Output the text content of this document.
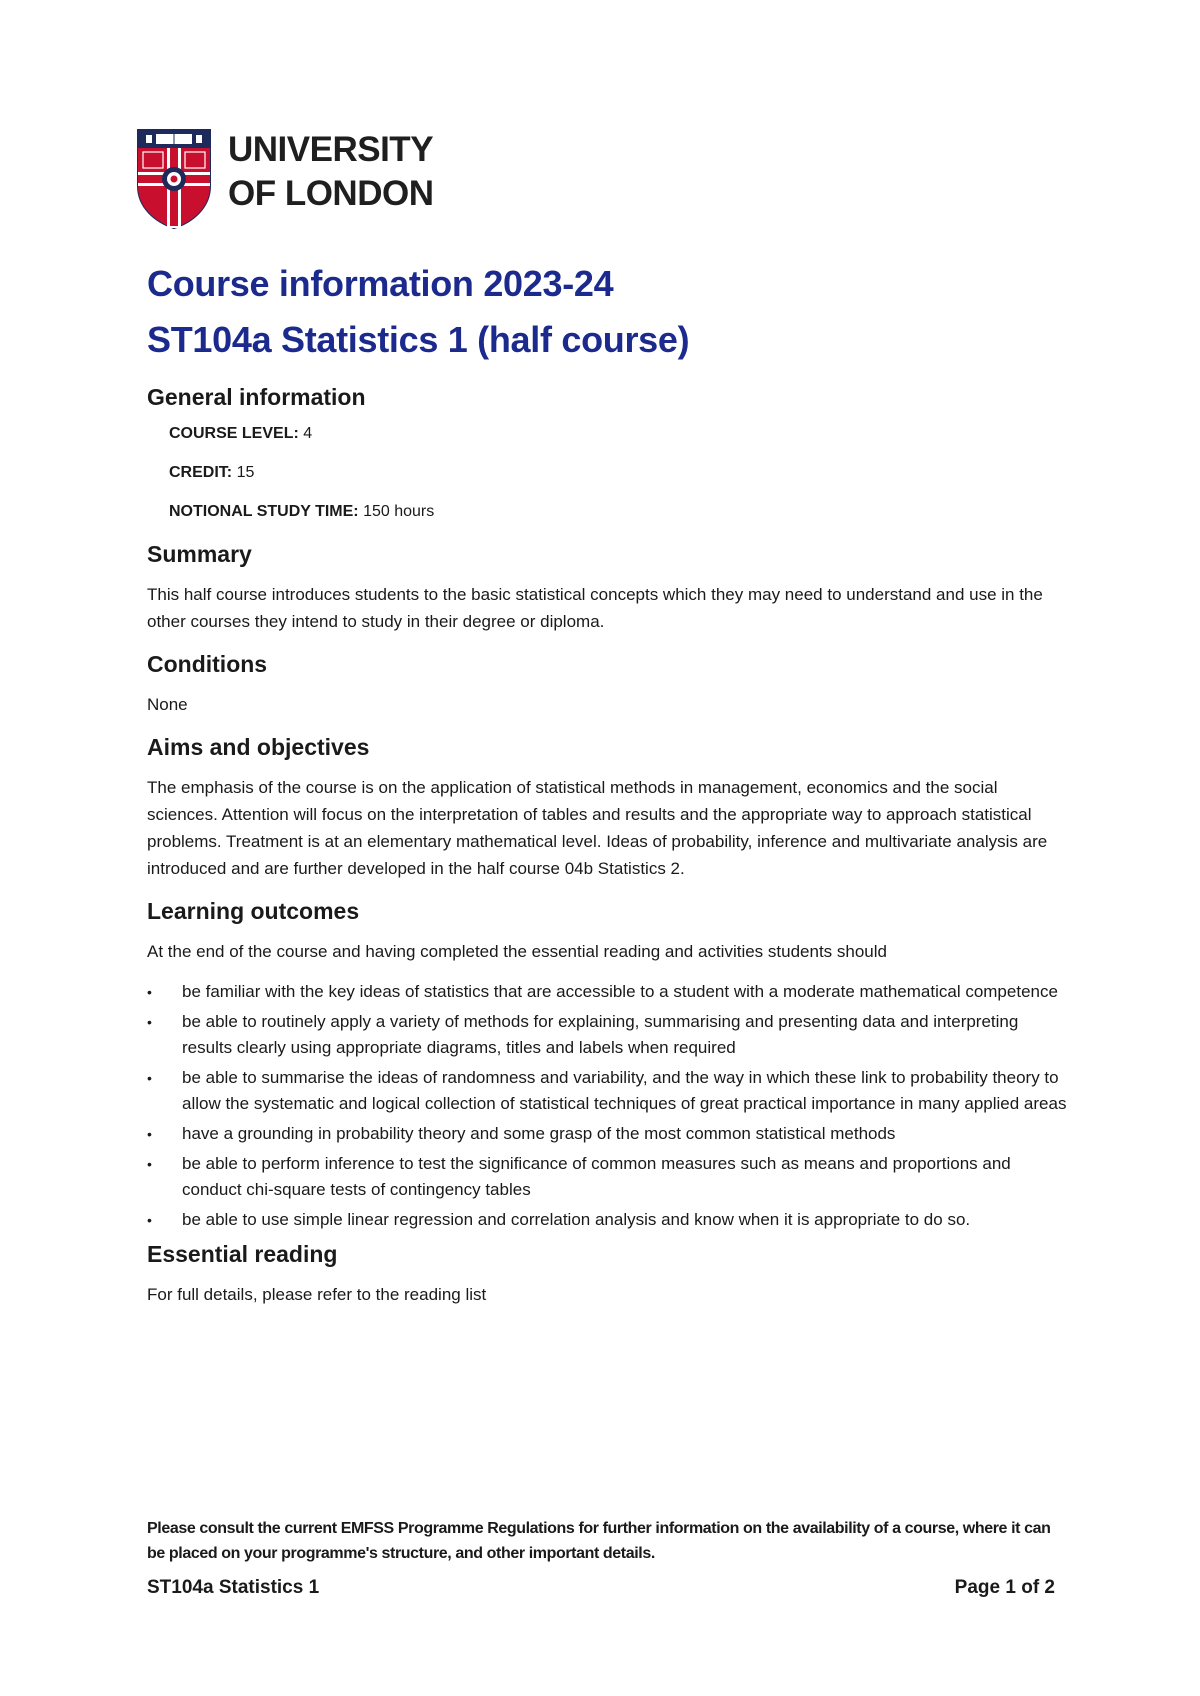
UNIVERSITY
OF LONDON
Course information 2023-24
ST104a Statistics 1 (half course)
General information
COURSE LEVEL: 4
CREDIT: 15
NOTIONAL STUDY TIME: 150 hours
Summary

This half course introduces students to the basic statistical concepts which they may need to understand and use in the other courses they intend to study in their degree or diploma.

Conditions

None

Aims and objectives

The emphasis of the course is on the application of statistical methods in management, economics and the social sciences. Attention will focus on the interpretation of tables and results and the appropriate way to approach statistical problems. Treatment is at an elementary mathematical level. Ideas of probability, inference and multivariate analysis are introduced and are further developed in the half course 04b Statistics 2.

Learning outcomes

At the end of the course and having completed the essential reading and activities students should

• be familiar with the key ideas of statistics that are accessible to a student with a moderate mathematical competence
• be able to routinely apply a variety of methods for explaining, summarising and presenting data and interpreting results clearly using appropriate diagrams, titles and labels when required
• be able to summarise the ideas of randomness and variability, and the way in which these link to probability theory to allow the systematic and logical collection of statistical techniques of great practical importance in many applied areas
• have a grounding in probability theory and some grasp of the most common statistical methods
• be able to perform inference to test the significance of common measures such as means and proportions and conduct chi-square tests of contingency tables
• be able to use simple linear regression and correlation analysis and know when it is appropriate to do so.
Essential reading

For full details, please refer to the reading list

Please consult the current EMFSS Programme Regulations for further information on the availability of a course, where it can be placed on your programme's structure, and other important details.
ST104a Statistics 1	Page 1 of 2
